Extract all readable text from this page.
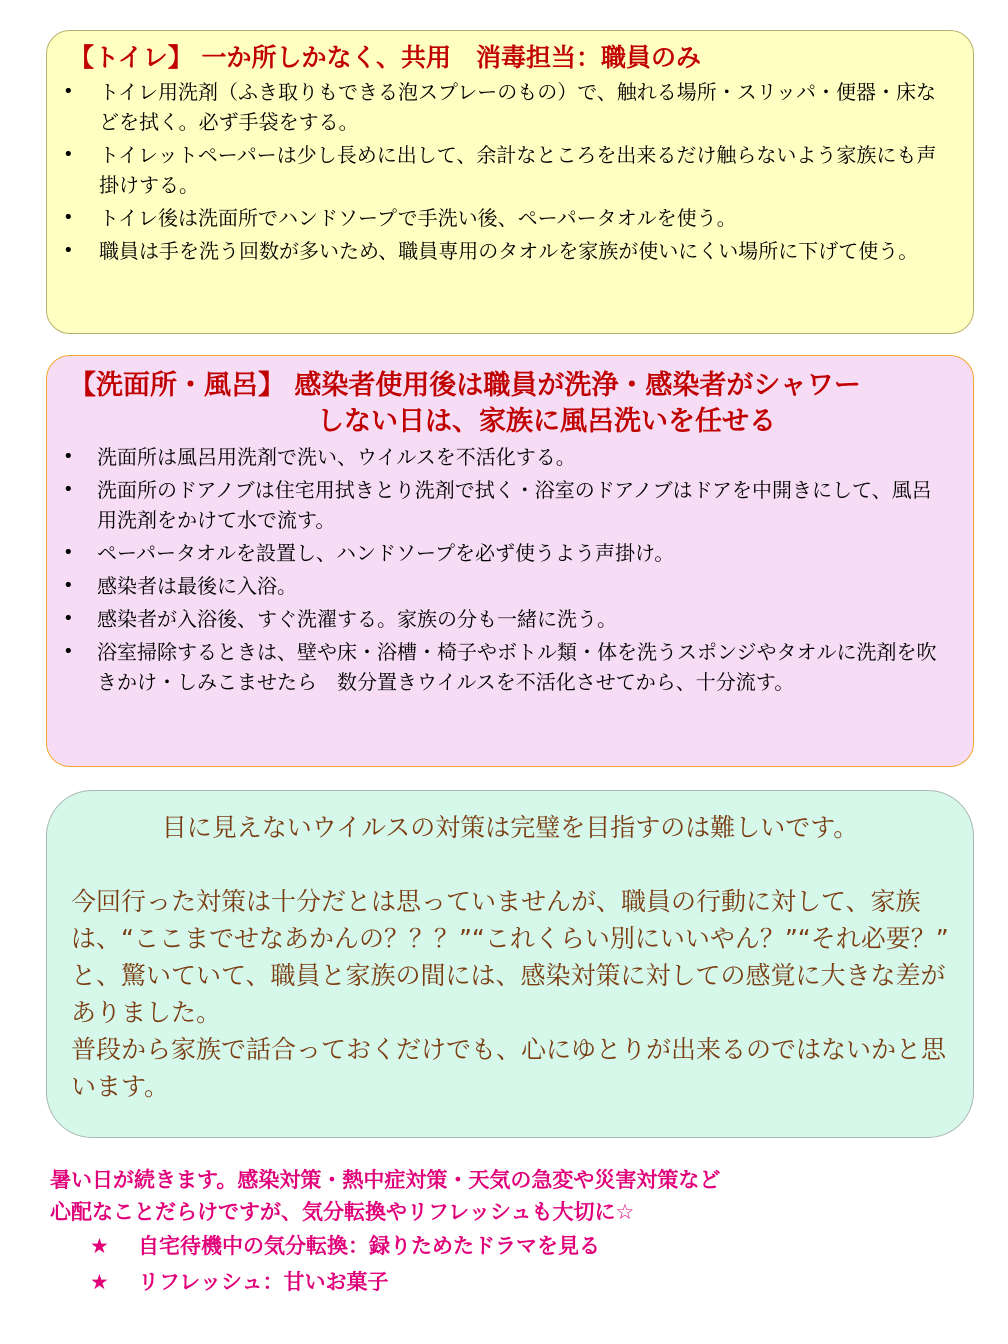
【トイレ】 一か所しかなく、共用　消毒担当：職員のみ
• トイレ用洗剤（ふき取りもできる泡スプレーのもの）で、触れる場所・スリッパ・便器・床などを拭く。必ず手袋をする。
• トイレットペーパーは少し長めに出して、余計なところを出来るだけ触らないよう家族にも声掛けする。
• トイレ後は洗面所でハンドソープで手洗い後、ペーパータオルを使う。
• 職員は手を洗う回数が多いため、職員専用のタオルを家族が使いにくい場所に下げて使う。
【洗面所・風呂】 感染者使用後は職員が洗浄・感染者がシャワー
しない日は、家族に風呂洗いを任せる
• 洗面所は風呂用洗剤で洗い、ウイルスを不活化する。
• 洗面所のドアノブは住宅用拭きとり洗剤で拭く・浴室のドアノブはドアを中開きにして、風呂用洗剤をかけて水で流す。
• ペーパータオルを設置し、ハンドソープを必ず使うよう声掛け。
• 感染者は最後に入浴。
• 感染者が入浴後、すぐ洗濯する。家族の分も一緒に洗う。
• 浴室掃除するときは、壁や床・浴槽・椅子やボトル類・体を洗うスポンジやタオルに洗剤を吹きかけ・しみこませたら　数分置きウイルスを不活化させてから、十分流す。

目に見えないウイルスの対策は完璧を目指すのは難しいです。

今回行った対策は十分だとは思っていませんが、職員の行動に対して、家族は、“ここまでせなあかんの？？？”“これくらい別にいいやん？”“それ必要？” と、驚いていて、職員と家族の間には、感染対策に対しての感覚に大きな差がありました。

普段から家族で話合っておくだけでも、心にゆとりが出来るのではないかと思います。

暑い日が続きます。感染対策・熱中症対策・天気の急変や災害対策など
心配なことだらけですが、気分転換やリフレッシュも大切に☆
★ 自宅待機中の気分転換：録りためたドラマを見る
★ リフレッシュ：甘いお菓子
